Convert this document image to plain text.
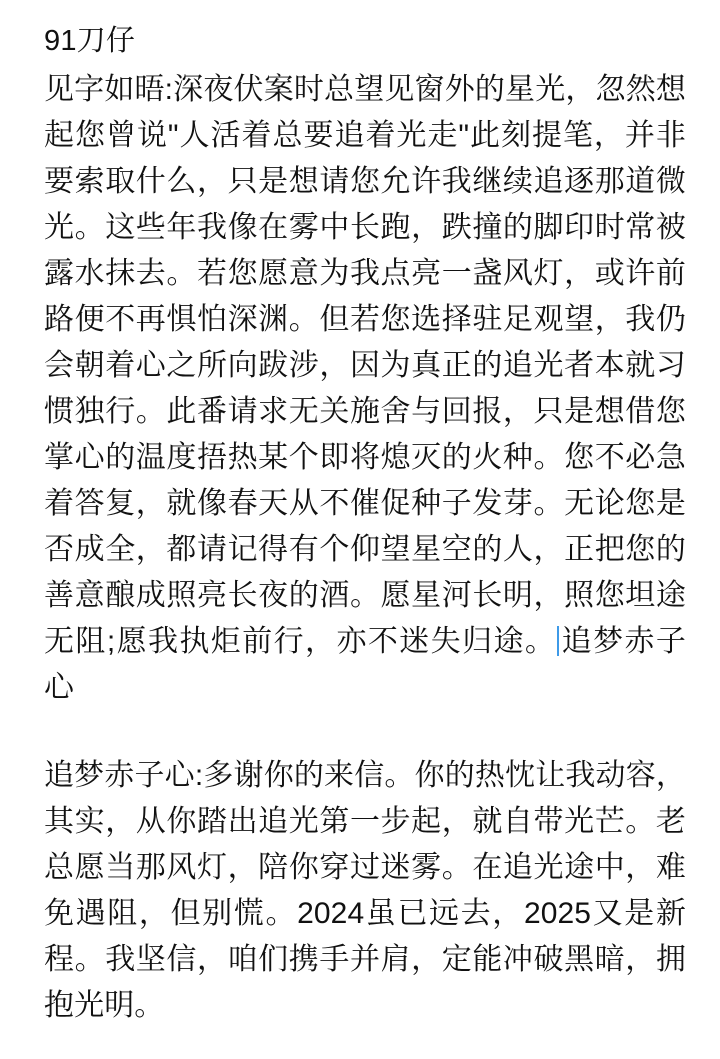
91刀仔
见字如晤:深夜伏案时总望见窗外的星光，忽然想起您曾说"人活着总要追着光走"此刻提笔，并非要索取什么，只是想请您允许我继续追逐那道微光。这些年我像在雾中长跑，跌撞的脚印时常被露水抹去。若您愿意为我点亮一盏风灯，或许前路便不再惧怕深渊。但若您选择驻足观望，我仍会朝着心之所向跋涉，因为真正的追光者本就习惯独行。此番请求无关施舍与回报，只是想借您掌心的温度捂热某个即将熄灭的火种。您不必急着答复，就像春天从不催促种子发芽。无论您是否成全，都请记得有个仰望星空的人，正把您的善意酿成照亮长夜的酒。愿星河长明，照您坦途无阻;愿我执炬前行，亦不迷失归途。 追梦赤子心
追梦赤子心:多谢你的来信。你的热忱让我动容，其实，从你踏出追光第一步起，就自带光芒。老总愿当那风灯，陪你穿过迷雾。在追光途中，难免遇阻，但别慌。2024虽已远去，2025又是新程。我坚信，咱们携手并肩，定能冲破黑暗，拥抱光明。
